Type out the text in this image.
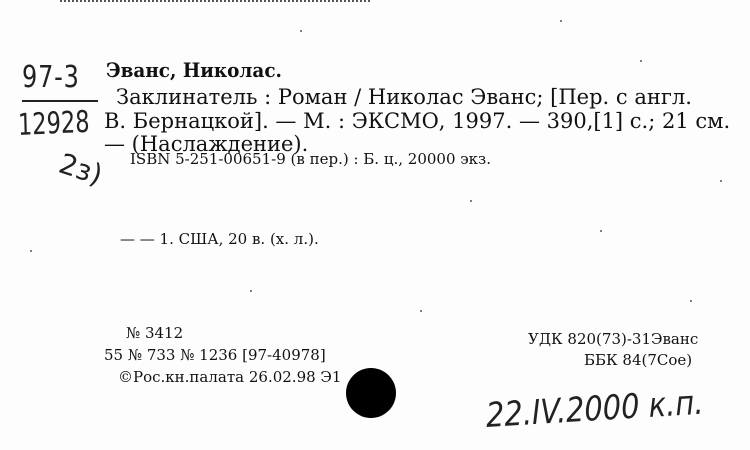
97-3
12928
2з)
Эванс, Николас.
Заклинатель : Роман / Николас Эванс; [Пер. с англ.
В. Бернацкой]. — М. : ЭКСМО, 1997. — 390,[1] с.; 21 см.
— (Наслаждение).
ISBN 5-251-00651-9 (в пер.) : Б. ц., 20000 экз.
— — 1. США, 20 в. (х. л.).
№ 3412
55 № 733 № 1236 [97-40978]
©Рос.кн.палата 26.02.98 Э1
УДК 820(73)-31Эванс
ББК 84(7Сое)
22.IV.2000 к.п.
